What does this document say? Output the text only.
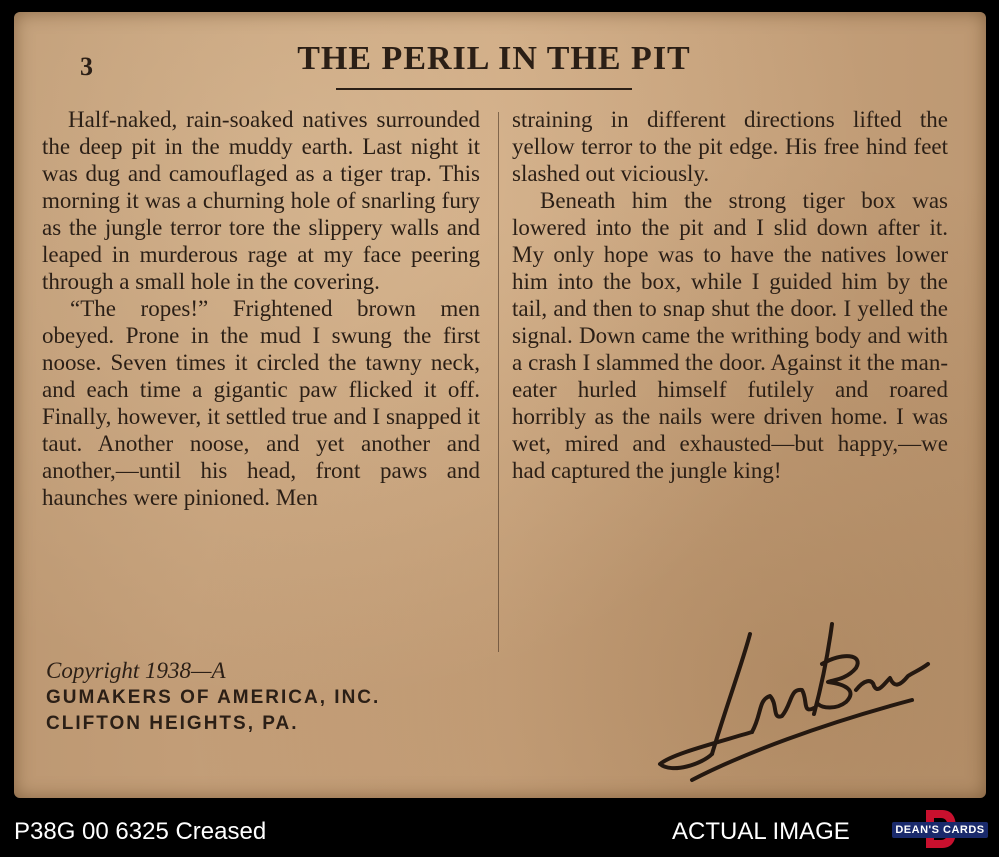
3	THE PERIL IN THE PIT

Half-naked, rain-soaked natives surrounded the deep pit in the muddy earth. Last night it was dug and camouflaged as a tiger trap. This morning it was a churning hole of snarling fury as the jungle terror tore the slippery walls and leaped in murderous rage at my face peering through a small hole in the covering.

“The ropes!” Frightened brown men obeyed. Prone in the mud I swung the first noose. Seven times it circled the tawny neck, and each time a gigantic paw flicked it off. Finally, however, it settled true and I snapped it taut. Another noose, and yet another and another,—until his head, front paws and haunches were pinioned. Men

straining in different directions lifted the yellow terror to the pit edge. His free hind feet slashed out viciously.

Beneath him the strong tiger box was lowered into the pit and I slid down after it. My only hope was to have the natives lower him into the box, while I guided him by the tail, and then to snap shut the door. I yelled the signal. Down came the writhing body and with a crash I slammed the door. Against it the man-eater hurled himself futilely and roared horribly as the nails were driven home. I was wet, mired and exhausted—but happy,—we had captured the jungle king!

Copyright 1938—A
GUMAKERS OF AMERICA, INC.
CLIFTON HEIGHTS, PA.
P38G 00 6325 Creased	ACTUAL IMAGE	DEAN'S CARDS
